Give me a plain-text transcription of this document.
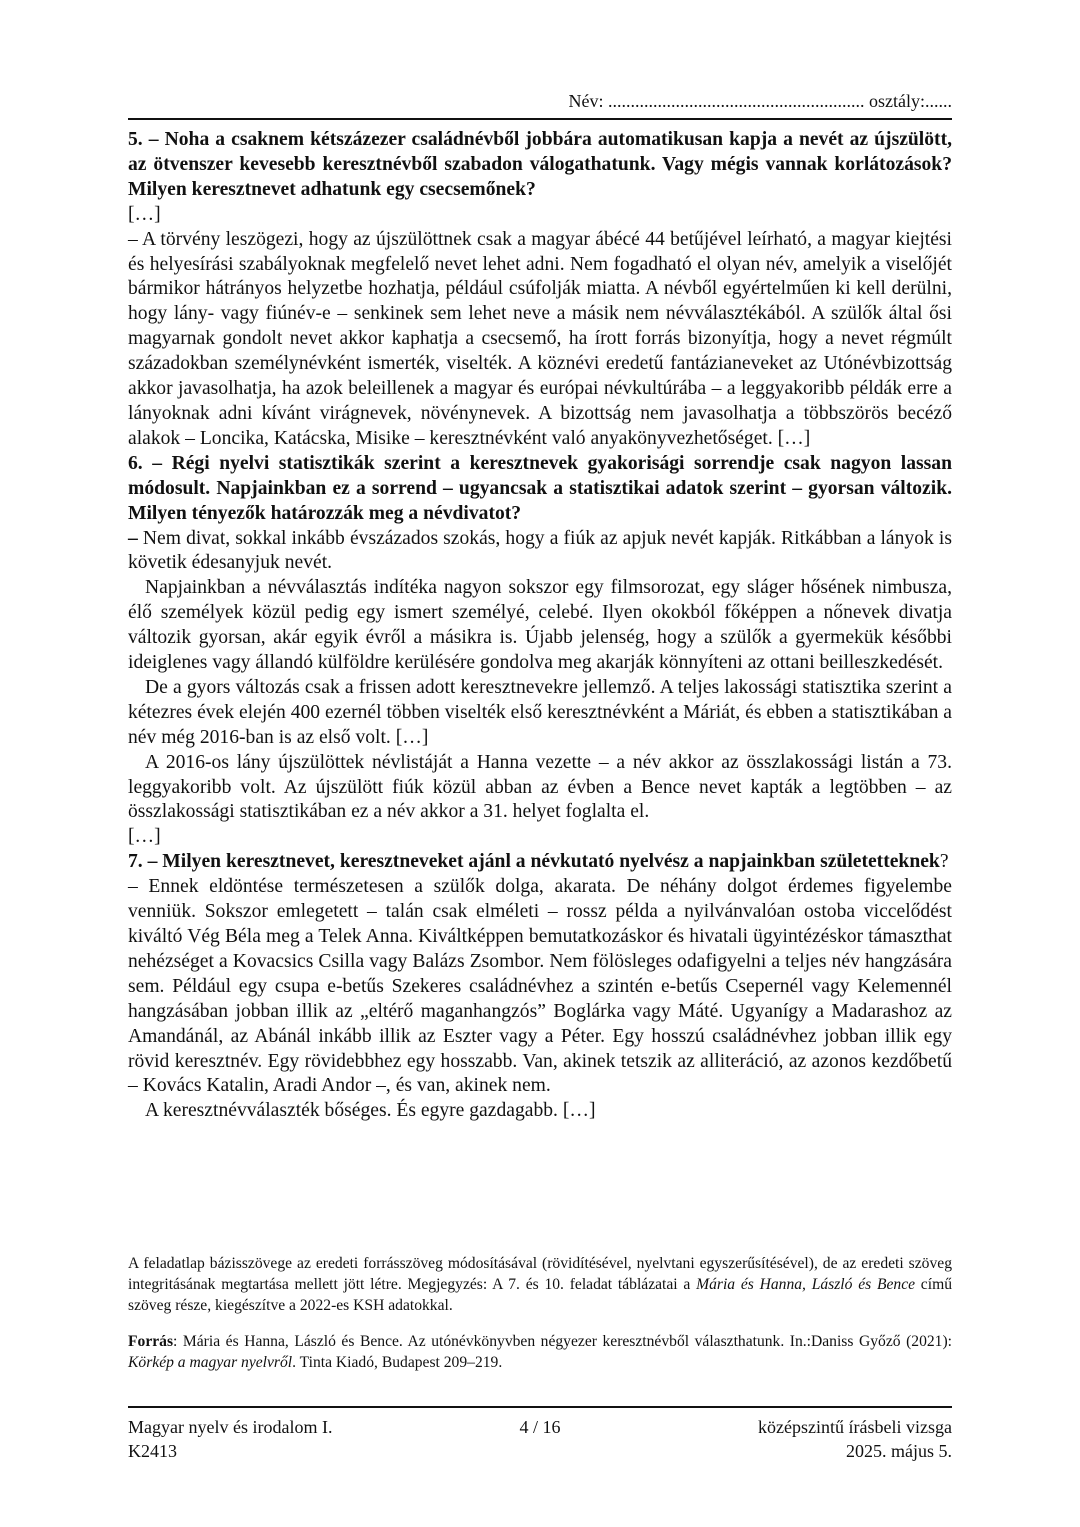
Név: ......................................................... osztály:......

5. – Noha a csaknem kétszázezer családnévből jobbára automatikusan kapja a nevét az újszülött, az ötvenszer kevesebb keresztnévből szabadon válogathatunk. Vagy mégis vannak korlátozások? Milyen keresztnevet adhatunk egy csecsemőnek?

[…]

– A törvény leszögezi, hogy az újszülöttnek csak a magyar ábécé 44 betűjével leírható, a magyar kiejtési és helyesírási szabályoknak megfelelő nevet lehet adni. Nem fogadható el olyan név, amelyik a viselőjét bármikor hátrányos helyzetbe hozhatja, például csúfolják miatta. A névből egyértelműen ki kell derülni, hogy lány- vagy fiúnév-e – senkinek sem lehet neve a másik nem névválasztékából. A szülők által ősi magyarnak gondolt nevet akkor kaphatja a csecsemő, ha írott forrás bizonyítja, hogy a nevet régmúlt századokban személynévként ismerték, viselték. A köznévi eredetű fantázianeveket az Utónévbizottság akkor javasolhatja, ha azok beleillenek a magyar és európai névkultúrába – a leggyakoribb példák erre a lányoknak adni kívánt virágnevek, növénynevek. A bizottság nem javasolhatja a többszörös becéző alakok – Loncika, Katácska, Misike – keresztnévként való anyakönyvezhetőséget. […]

6. – Régi nyelvi statisztikák szerint a keresztnevek gyakorisági sorrendje csak nagyon lassan módosult. Napjainkban ez a sorrend – ugyancsak a statisztikai adatok szerint – gyorsan változik. Milyen tényezők határozzák meg a névdivatot?

– Nem divat, sokkal inkább évszázados szokás, hogy a fiúk az apjuk nevét kapják. Ritkábban a lányok is követik édesanyjuk nevét.

Napjainkban a névválasztás indítéka nagyon sokszor egy filmsorozat, egy sláger hősének nimbusza, élő személyek közül pedig egy ismert személyé, celebé. Ilyen okokból főképpen a nőnevek divatja változik gyorsan, akár egyik évről a másikra is. Újabb jelenség, hogy a szülők a gyermekük későbbi ideiglenes vagy állandó külföldre kerülésére gondolva meg akarják könnyíteni az ottani beilleszkedését.

De a gyors változás csak a frissen adott keresztnevekre jellemző. A teljes lakossági statisztika szerint a kétezres évek elején 400 ezernél többen viselték első keresztnévként a Máriát, és ebben a statisztikában a név még 2016-ban is az első volt. […]

A 2016-os lány újszülöttek névlistáját a Hanna vezette – a név akkor az összlakossági listán a 73. leggyakoribb volt. Az újszülött fiúk közül abban az évben a Bence nevet kapták a legtöbben – az összlakossági statisztikában ez a név akkor a 31. helyet foglalta el.

[…]

7. – Milyen keresztnevet, keresztneveket ajánl a névkutató nyelvész a napjainkban születetteknek?

– Ennek eldöntése természetesen a szülők dolga, akarata. De néhány dolgot érdemes figyelembe venniük. Sokszor emlegetett – talán csak elméleti – rossz példa a nyilvánvalóan ostoba viccelődést kiváltó Vég Béla meg a Telek Anna. Kiváltképpen bemutatkozáskor és hivatali ügyintézéskor támaszthat nehézséget a Kovacsics Csilla vagy Balázs Zsombor. Nem fölösleges odafigyelni a teljes név hangzására sem. Például egy csupa e-betűs Szekeres családnévhez a szintén e-betűs Csepernél vagy Kelemennél hangzásában jobban illik az „eltérő maganhangzós” Boglárka vagy Máté. Ugyanígy a Madarashoz az Amandánál, az Abánál inkább illik az Eszter vagy a Péter. Egy hosszú családnévhez jobban illik egy rövid keresztnév. Egy rövidebbhez egy hosszabb. Van, akinek tetszik az alliteráció, az azonos kezdőbetű – Kovács Katalin, Aradi Andor –, és van, akinek nem.

A keresztnévválaszték bőséges. És egyre gazdagabb. […]

A feladatlap bázisszövege az eredeti forrásszöveg módosításával (rövidítésével, nyelvtani egyszerűsítésével), de az eredeti szöveg integritásának megtartása mellett jött létre. Megjegyzés: A 7. és 10. feladat táblázatai a Mária és Hanna, László és Bence című szöveg része, kiegészítve a 2022-es KSH adatokkal.

Forrás: Mária és Hanna, László és Bence. Az utónévkönyvben négyezer keresztnévből választhatunk. In.:Daniss Győző (2021): Körkép a magyar nyelvről. Tinta Kiadó, Budapest 209–219.

4 / 16
Magyar nyelv és irodalom I.
K2413
középszintű írásbeli vizsga
2025. május 5.
